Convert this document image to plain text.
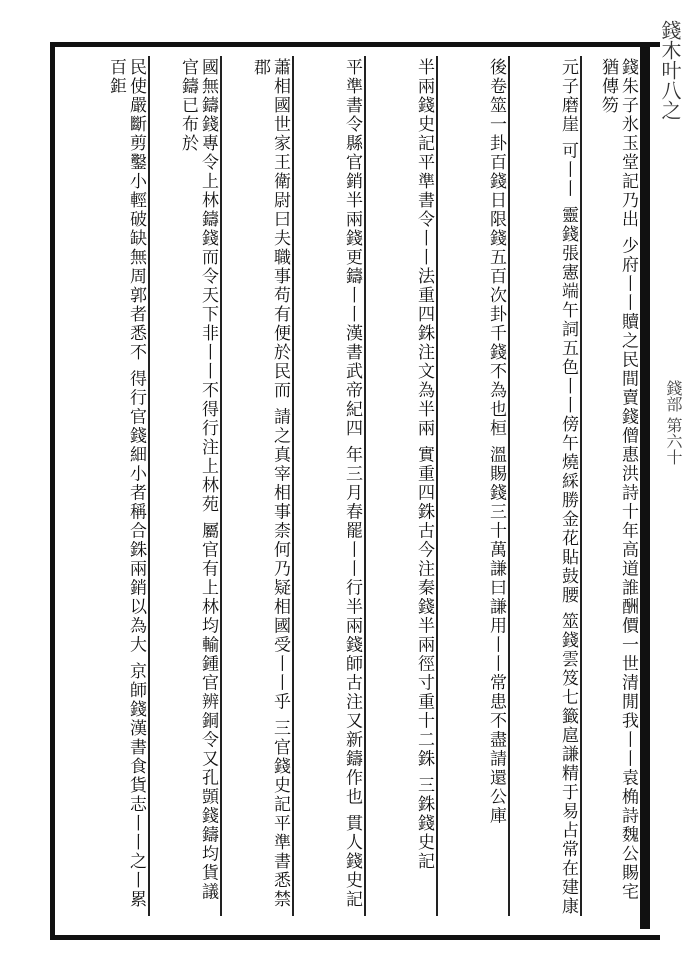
錢木叶八之
錢部 第六十
錢朱子氷玉堂記乃出 少府丨丨贖之民間賣錢僧惠洪詩十年高道誰酬價一世清閒我丨丨袁桷詩魏公賜宅猶傳笏
元子磨崖 可丨丨 靈錢張憲端午詞五色丨丨傍午燒綵勝金花貼鼓腰 筮錢雲笈七籤扈謙精于易占常在建康
後卷筮一卦百錢日限錢五百次卦千錢不為也桓 溫賜錢三十萬謙曰謙用丨丨常患不盡請還公庫
半兩錢史記平準書令丨丨法重四銖注文為半兩 實重四銖古今注秦錢半兩徑寸重十二銖 三銖錢史記
平準書令縣官銷半兩錢更鑄丨丨漢書武帝紀四 年三月春罷丨丨行半兩錢師古注又新鑄作也 貫人錢史記
蕭相國世家王衛尉曰夫職事苟有便於民而 請之真宰相事柰何乃疑相國受丨丨乎 三官錢史記平準書悉禁郡
國無鑄錢專令上林鑄錢而令天下非丨丨不得行注上林苑 屬官有上林均輸鍾官辨銅令又孔顗錢鑄均貨議官鑄已布於
民使嚴斷剪鑿小輕破缺無周郭者悉不 得行官錢細小者稱合銖兩銷以為大 京師錢漢書食貨志丨丨之丨累百鉅
